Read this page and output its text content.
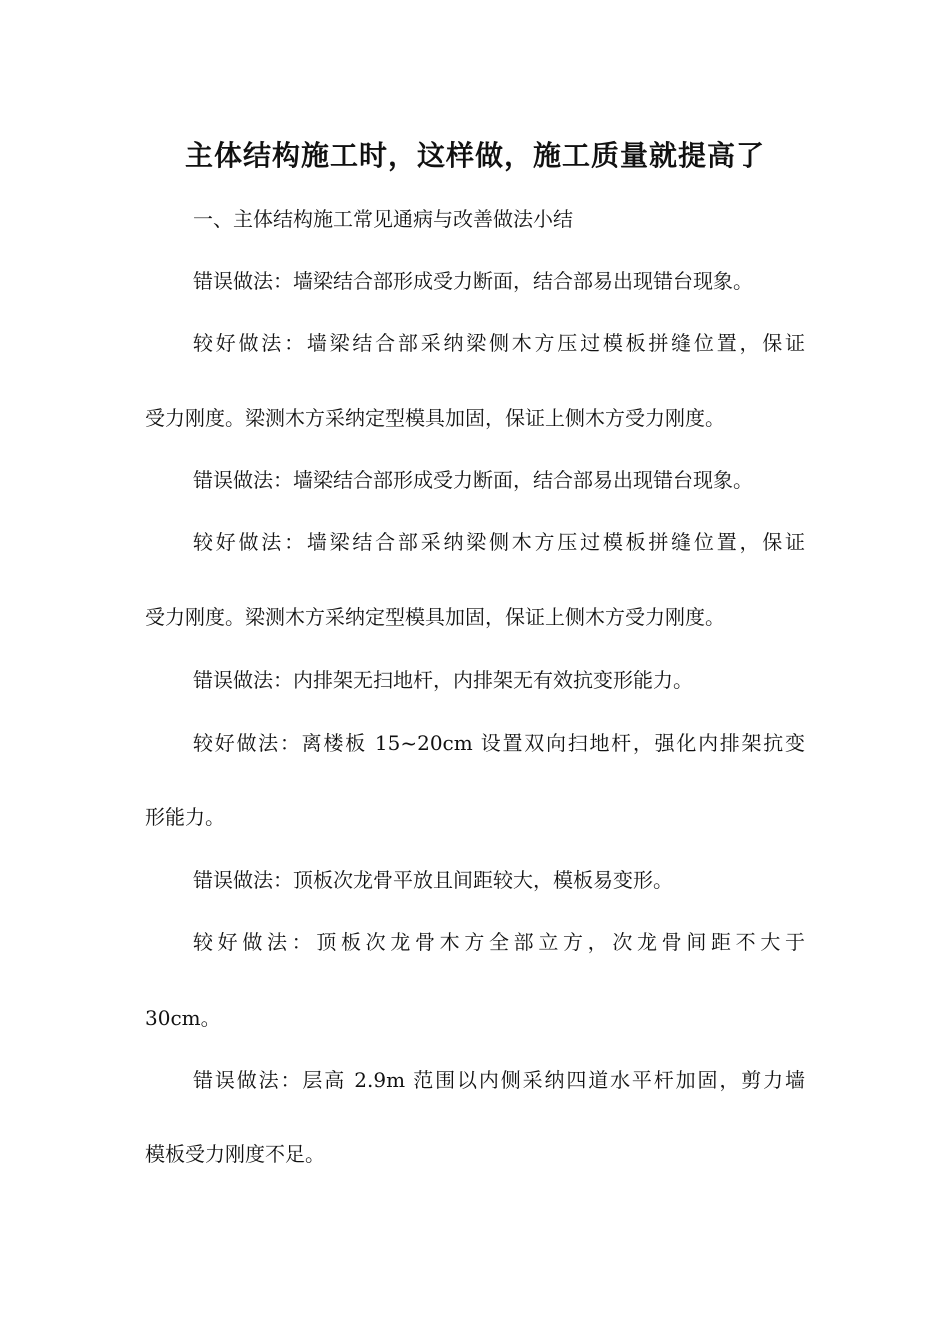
主体结构施工时，这样做，施工质量就提高了
一、主体结构施工常见通病与改善做法小结
错误做法：墙梁结合部形成受力断面，结合部易出现错台现象。
较好做法：墙梁结合部采纳梁侧木方压过模板拼缝位置，保证
受力刚度。梁测木方采纳定型模具加固，保证上侧木方受力刚度。
错误做法：墙梁结合部形成受力断面，结合部易出现错台现象。
较好做法：墙梁结合部采纳梁侧木方压过模板拼缝位置，保证
受力刚度。梁测木方采纳定型模具加固，保证上侧木方受力刚度。
错误做法：内排架无扫地杆，内排架无有效抗变形能力。
较好做法：离楼板 15~20cm 设置双向扫地杆，强化内排架抗变
形能力。
错误做法：顶板次龙骨平放且间距较大，模板易变形。
较好做法：顶板次龙骨木方全部立方，次龙骨间距不大于
30cm。
错误做法：层高 2.9m 范围以内侧采纳四道水平杆加固，剪力墙
模板受力刚度不足。
